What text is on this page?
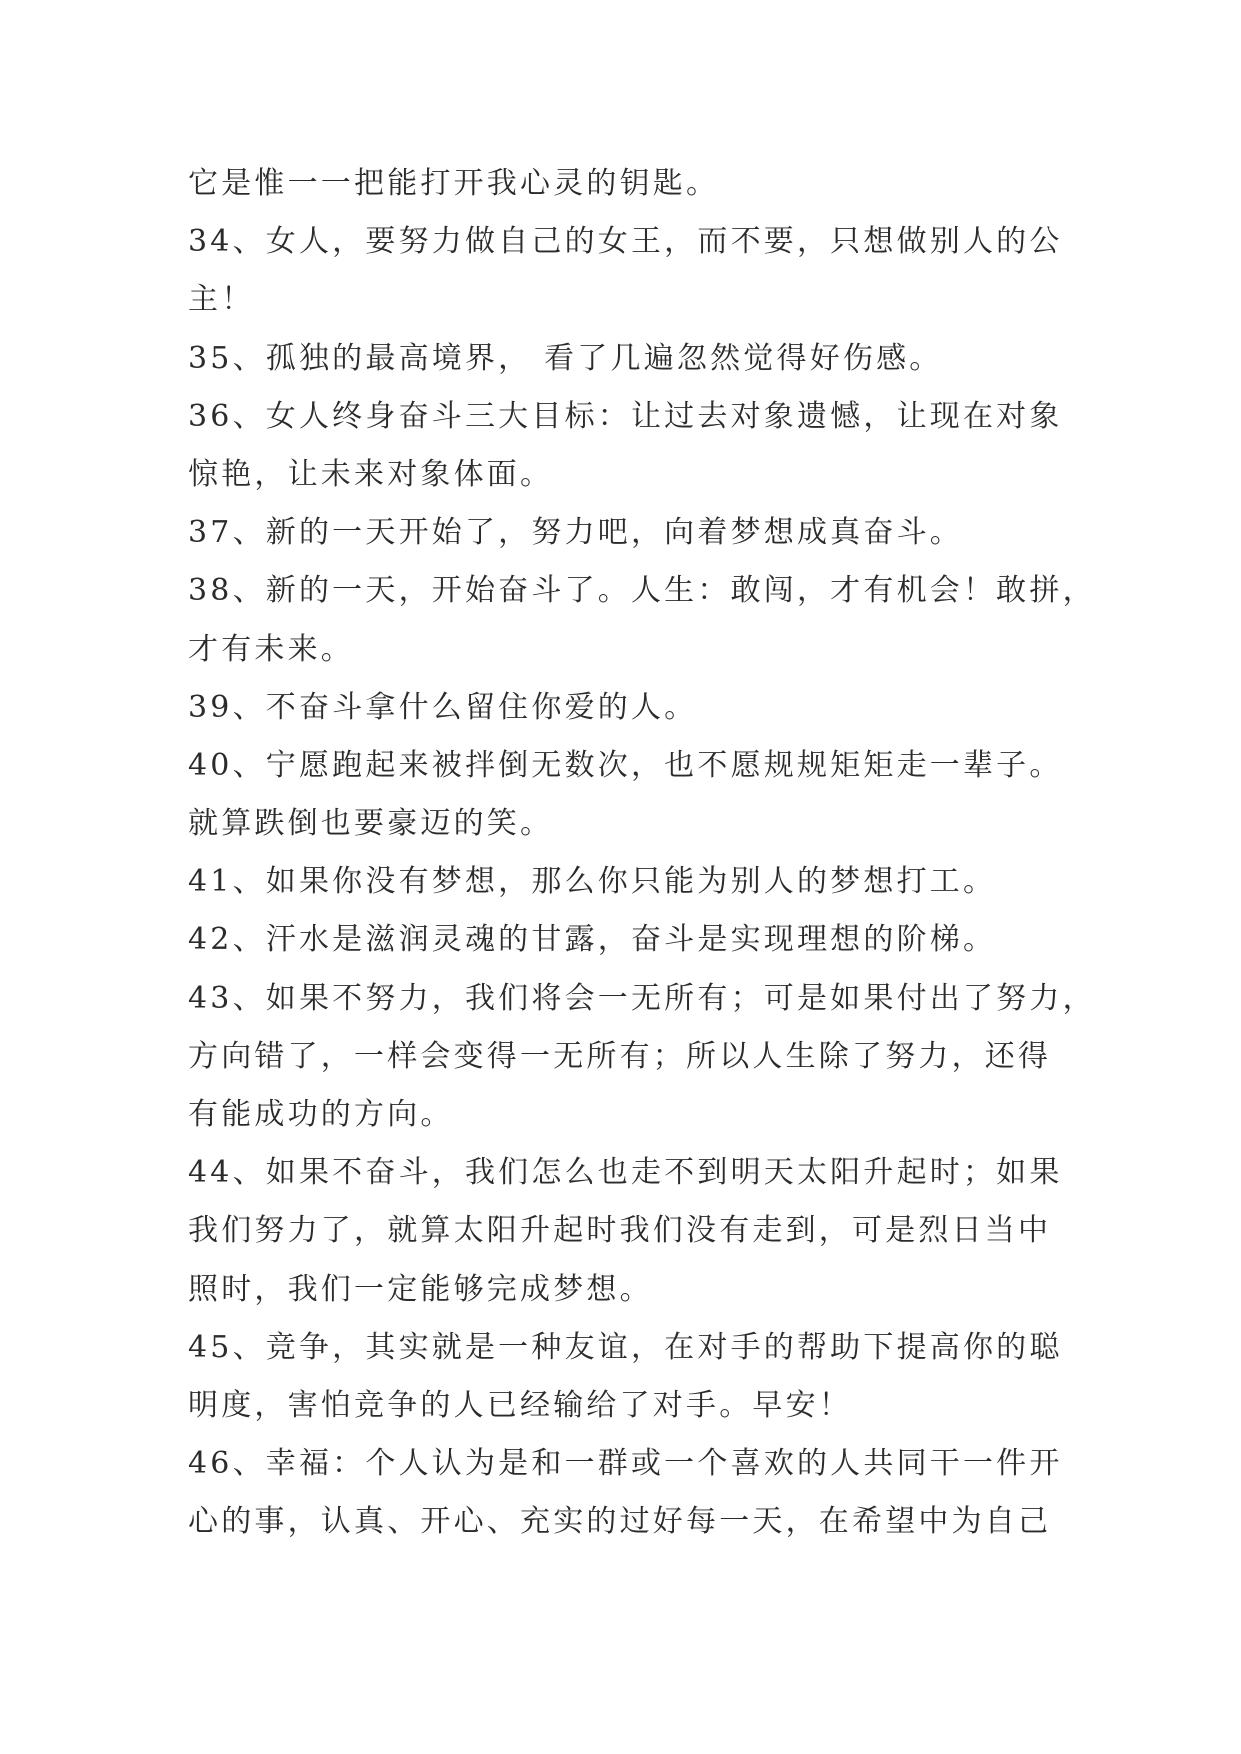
它是惟一一把能打开我心灵的钥匙。
34、女人，要努力做自己的女王，而不要，只想做别人的公
主！
35、孤独的最高境界， 看了几遍忽然觉得好伤感。
36、女人终身奋斗三大目标：让过去对象遗憾，让现在对象
惊艳，让未来对象体面。
37、新的一天开始了，努力吧，向着梦想成真奋斗。
38、新的一天，开始奋斗了。人生：敢闯，才有机会！敢拼，
才有未来。
39、不奋斗拿什么留住你爱的人。
40、宁愿跑起来被拌倒无数次，也不愿规规矩矩走一辈子。
就算跌倒也要豪迈的笑。
41、如果你没有梦想，那么你只能为别人的梦想打工。
42、汗水是滋润灵魂的甘露，奋斗是实现理想的阶梯。
43、如果不努力，我们将会一无所有；可是如果付出了努力，
方向错了，一样会变得一无所有；所以人生除了努力，还得
有能成功的方向。
44、如果不奋斗，我们怎么也走不到明天太阳升起时；如果
我们努力了，就算太阳升起时我们没有走到，可是烈日当中
照时，我们一定能够完成梦想。
45、竞争，其实就是一种友谊，在对手的帮助下提高你的聪
明度，害怕竞争的人已经输给了对手。早安！
46、幸福：个人认为是和一群或一个喜欢的人共同干一件开
心的事，认真、开心、充实的过好每一天，在希望中为自己
